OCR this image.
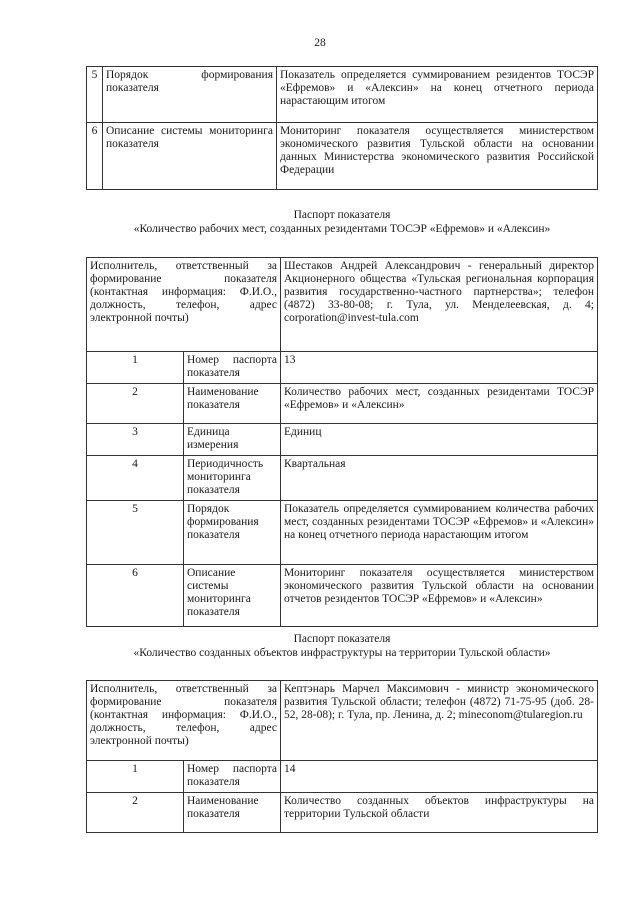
28
5	Порядок формирования показателя	Показатель определяется суммированием резидентов ТОСЭР «Ефремов» и «Алексин» на конец отчетного периода нарастающим итогом
6	Описание системы мониторинга показателя	Мониторинг показателя осуществляется министерством экономического развития Тульской области на основании данных Министерства экономического развития Российской Федерации
Паспорт показателя
«Количество рабочих мест, созданных резидентами ТОСЭР «Ефремов» и «Алексин»
Исполнитель, ответственный за формирование показателя (контактная информация: Ф.И.О., должность, телефон, адрес электронной почты)		Шестаков Андрей Александрович - генеральный директор Акционерного общества «Тульская региональная корпорация развития государственно-частного партнерства»; телефон (4872) 33-80-08; г. Тула, ул. Менделеевская, д. 4; corporation@invest-tula.com
1	Номер паспорта показателя	13
2	Наименование показателя	Количество рабочих мест, созданных резидентами ТОСЭР «Ефремов» и «Алексин»
3	Единица измерения	Единиц
4	Периодичность мониторинга показателя	Квартальная
5	Порядок формирования показателя	Показатель определяется суммированием количества рабочих мест, созданных резидентами ТОСЭР «Ефремов» и «Алексин» на конец отчетного периода нарастающим итогом
6	Описание системы мониторинга показателя	Мониторинг показателя осуществляется министерством экономического развития Тульской области на основании отчетов резидентов ТОСЭР «Ефремов» и «Алексин»
Паспорт показателя
«Количество созданных объектов инфраструктуры на территории Тульской области»
Исполнитель, ответственный за формирование показателя (контактная информация: Ф.И.О., должность, телефон, адрес электронной почты)		Кептэнарь Марчел Максимович - министр экономического развития Тульской области; телефон (4872) 71-75-95 (доб. 28-52, 28-08); г. Тула, пр. Ленина, д. 2; mineconom@tularegion.ru
1	Номер паспорта показателя	14
2	Наименование показателя	Количество созданных объектов инфраструктуры на территории Тульской области
